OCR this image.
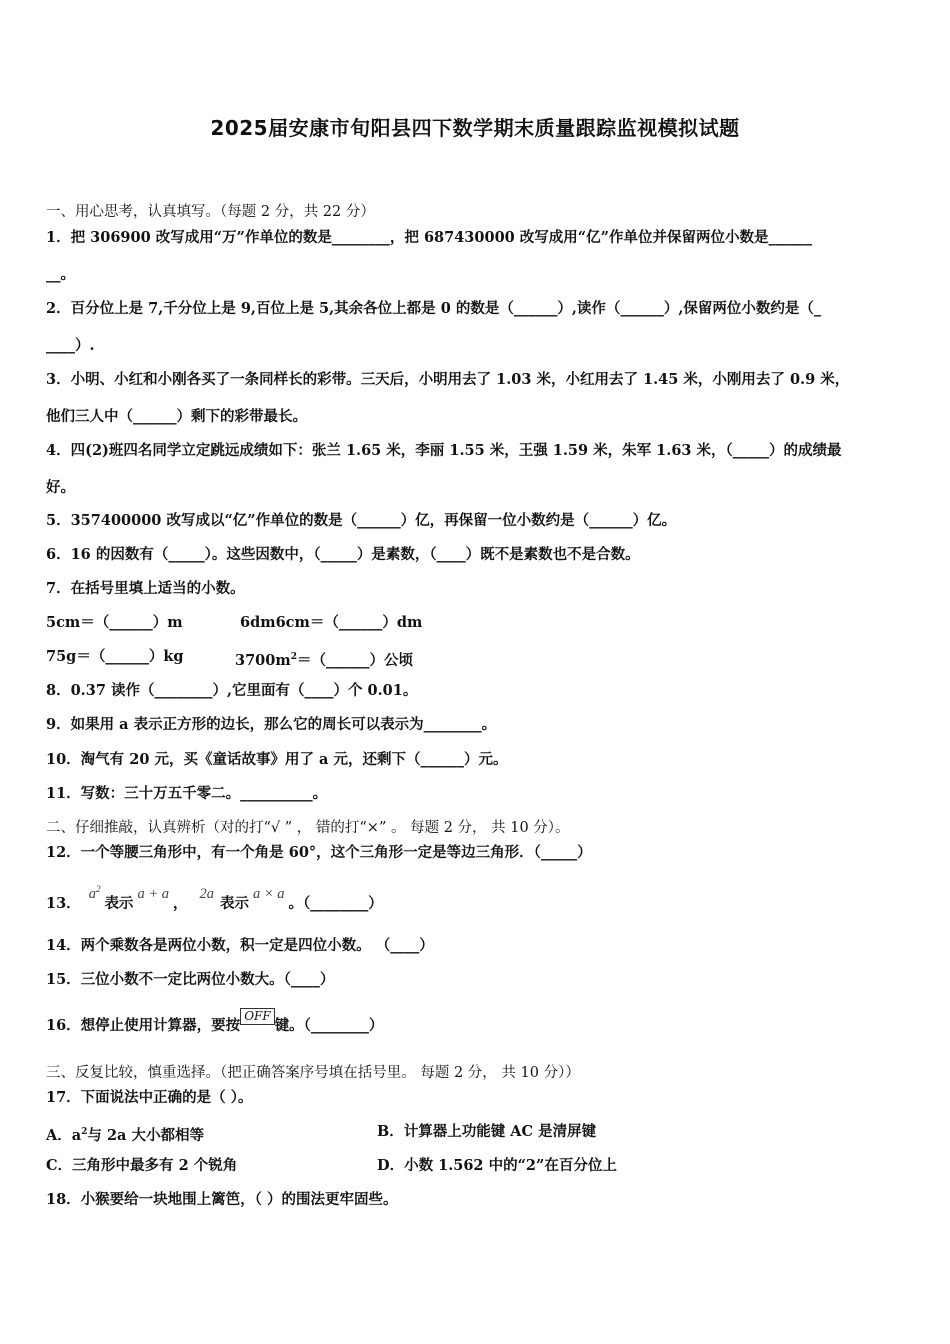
2025届安康市旬阳县四下数学期末质量跟踪监视模拟试题
一、用心思考，认真填写。（每题 2 分，共 22 分）
1．把 306900 改写成用“万”作单位的数是________，把 687430000 改写成用“亿”作单位并保留两位小数是______
__。
2．百分位上是 7,千分位上是 9,百位上是 5,其余各位上都是 0 的数是（______）,读作（______）,保留两位小数约是（_
____）.
3．小明、小红和小刚各买了一条同样长的彩带。三天后，小明用去了 1.03 米，小红用去了 1.45 米，小刚用去了 0.9 米，
他们三人中（______）剩下的彩带最长。
4．四(2)班四名同学立定跳远成绩如下：张兰 1.65 米，李丽 1.55 米，王强 1.59 米，朱军 1.63 米，（_____）的成绩最
好。
5．357400000 改写成以“亿”作单位的数是（______）亿，再保留一位小数约是（______）亿。
6．16 的因数有（_____）。这些因数中，（_____）是素数，（____）既不是素数也不是合数。
7．在括号里填上适当的小数。
5cm＝（______）m	6dm6cm＝（______）dm
75g＝（______）kg	$3700m^2=(\_\_\_\_\_\_)$公顷
8．0.37 读作（________）,它里面有（____）个 0.01。
9．如果用 a 表示正方形的边长，那么它的周长可以表示为________。
10．淘气有 20 元，买《童话故事》用了 a 元，还剩下（______）元。
11．写数：三十万五千零二。__________。
二、仔细推敲，认真辨析（对的打“√ ” ， 错的打“×” 。 每题 2 分， 共 10 分）。
12．一个等腰三角形中，有一个角是 60°，这个三角形一定是等边三角形．（_____）
13．$a^2$表示a + a，2a表示a × a。（________）
14．两个乘数各是两位小数，积一定是四位小数。 （____）
15．三位小数不一定比两位小数大。（____）
16．想停止使用计算器，要按OFF键。（________）
三、反复比较，慎重选择。（把正确答案序号填在括号里。 每题 2 分， 共 10 分））
17．下面说法中正确的是（ ）。
A．$a^2$与 2a 大小都相等	B．计算器上功能键 AC 是清屏键
C．三角形中最多有 2 个锐角	D．小数 1.562 中的“2”在百分位上
18．小猴要给一块地围上篱笆，（ ）的围法更牢固些。
